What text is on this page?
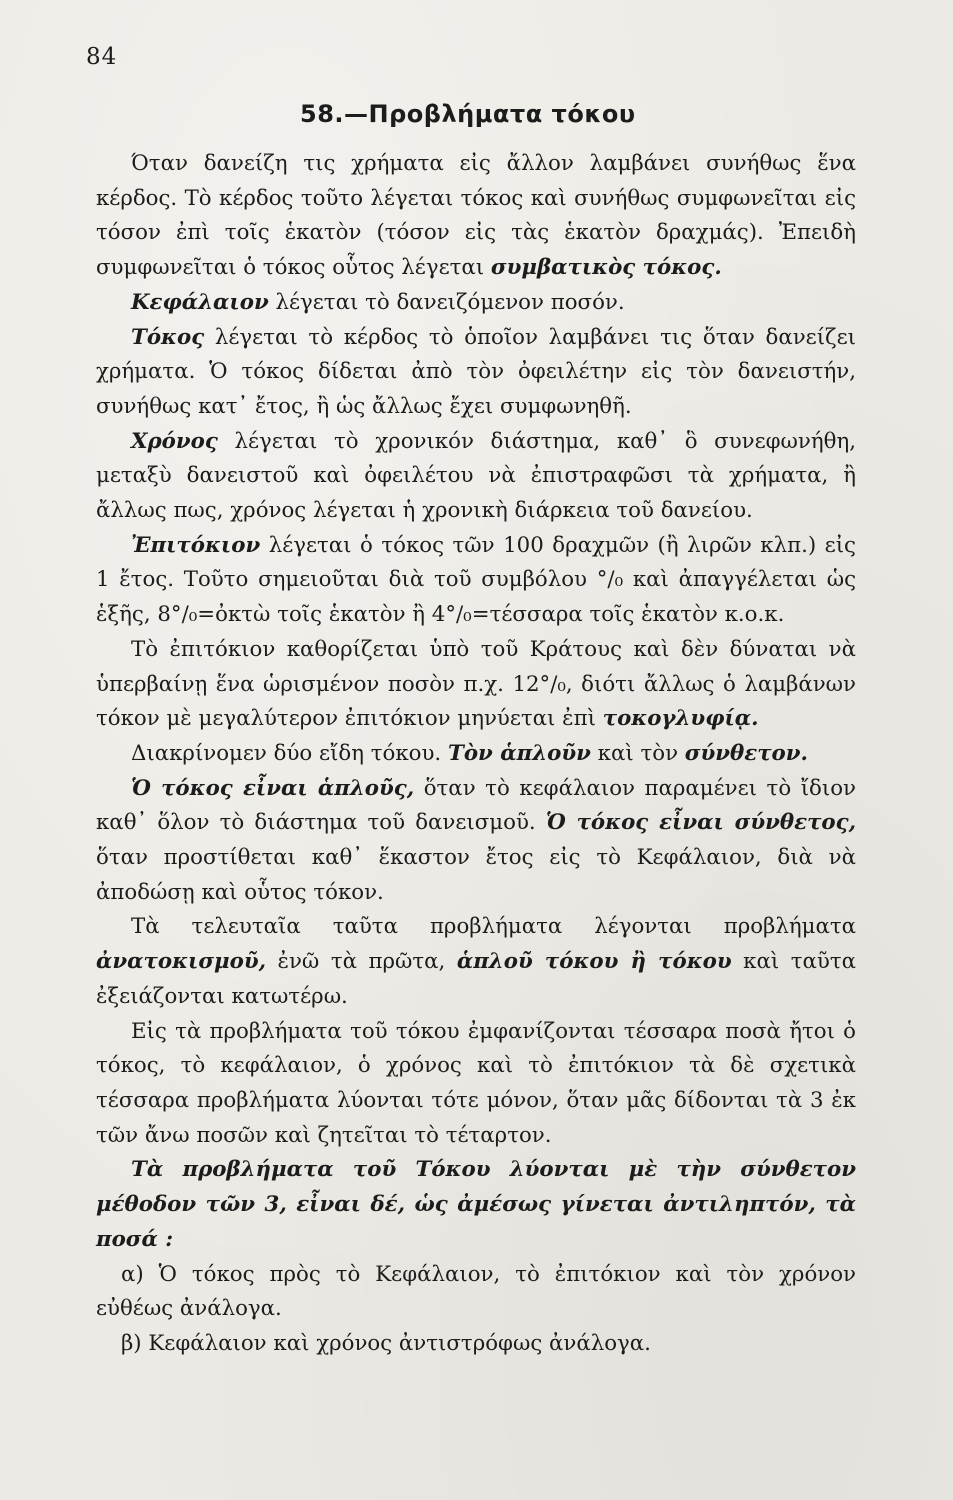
84
58.—Προβλήματα τόκου

Όταν δανείζη τις χρήματα εἰς ἄλλον λαμβάνει συνήθως ἕνα κέρδος. Τὸ κέρδος τοῦτο λέγεται τόκος καὶ συνήθως συμφωνεῖται εἰς τόσον ἐπὶ τοῖς ἑκατὸν (τόσον εἰς τὰς ἑκατὸν δραχμάς). Ἐπειδὴ συμφωνεῖται ὁ τόκος οὗτος λέγεται συμβατικὸς τόκος.

Κεφάλαιον λέγεται τὸ δανειζόμενον ποσόν.

Τόκος λέγεται τὸ κέρδος τὸ ὁποῖον λαμβάνει τις ὅταν δανείζει χρήματα. Ὁ τόκος δίδεται ἀπὸ τὸν ὀφειλέτην εἰς τὸν δανειστήν, συνήθως κατ᾽ ἔτος, ἢ ὡς ἄλλως ἔχει συμφωνηθῆ.

Χρόνος λέγεται τὸ χρονικόν διάστημα, καθ᾽ ὃ συνεφωνήθη, μεταξὺ δανειστοῦ καὶ ὀφειλέτου νὰ ἐπιστραφῶσι τὰ χρήματα, ἢ ἄλλως πως, χρόνος λέγεται ἡ χρονικὴ διάρκεια τοῦ δανείου.

Ἐπιτόκιον λέγεται ὁ τόκος τῶν 100 δραχμῶν (ἢ λιρῶν κλπ.) εἰς 1 ἔτος. Τοῦτο σημειοῦται διὰ τοῦ συμβόλου °/₀ καὶ ἀπαγγέλεται ὡς ἑξῆς, 8°/₀=ὀκτὼ τοῖς ἑκατὸν ἢ 4°/₀=τέσσαρα τοῖς ἑκατὸν κ.ο.κ.

Τὸ ἐπιτόκιον καθορίζεται ὑπὸ τοῦ Κράτους καὶ δὲν δύναται νὰ ὑπερβαίνῃ ἕνα ὡρισμένον ποσὸν π.χ. 12°/₀, διότι ἄλλως ὁ λαμβάνων τόκον μὲ μεγαλύτερον ἐπιτόκιον μηνύεται ἐπὶ τοκογλυφίᾳ.

Διακρίνομεν δύο εἴδη τόκου. Τὸν ἁπλοῦν καὶ τὸν σύνθετον.

Ὁ τόκος εἶναι ἁπλοῦς, ὅταν τὸ κεφάλαιον παραμένει τὸ ἴδιον καθ᾽ ὅλον τὸ διάστημα τοῦ δανεισμοῦ. Ὁ τόκος εἶναι σύνθετος, ὅταν προστίθεται καθ᾽ ἕκαστον ἔτος εἰς τὸ Κεφάλαιον, διὰ νὰ ἀποδώσῃ καὶ οὗτος τόκον.

Τὰ τελευταῖα ταῦτα προβλήματα λέγονται προβλήματα ἀνατοκισμοῦ, ἐνῶ τὰ πρῶτα, ἁπλοῦ τόκου ἢ τόκου καὶ ταῦτα ἐξειάζονται κατωτέρω.

Εἰς τὰ προβλήματα τοῦ τόκου ἐμφανίζονται τέσσαρα ποσὰ ἤτοι ὁ τόκος, τὸ κεφάλαιον, ὁ χρόνος καὶ τὸ ἐπιτόκιον τὰ δὲ σχετικὰ τέσσαρα προβλήματα λύονται τότε μόνον, ὅταν μᾶς δίδονται τὰ 3 ἐκ τῶν ἄνω ποσῶν καὶ ζητεῖται τὸ τέταρτον.

Τὰ προβλήματα τοῦ Τόκου λύονται μὲ τὴν σύνθετον μέθοδον τῶν 3, εἶναι δέ, ὡς ἀμέσως γίνεται ἀντιληπτόν, τὰ ποσά :

α) Ὁ τόκος πρὸς τὸ Κεφάλαιον, τὸ ἐπιτόκιον καὶ τὸν χρόνον εὐθέως ἀνάλογα.

β) Κεφάλαιον καὶ χρόνος ἀντιστρόφως ἀνάλογα.
